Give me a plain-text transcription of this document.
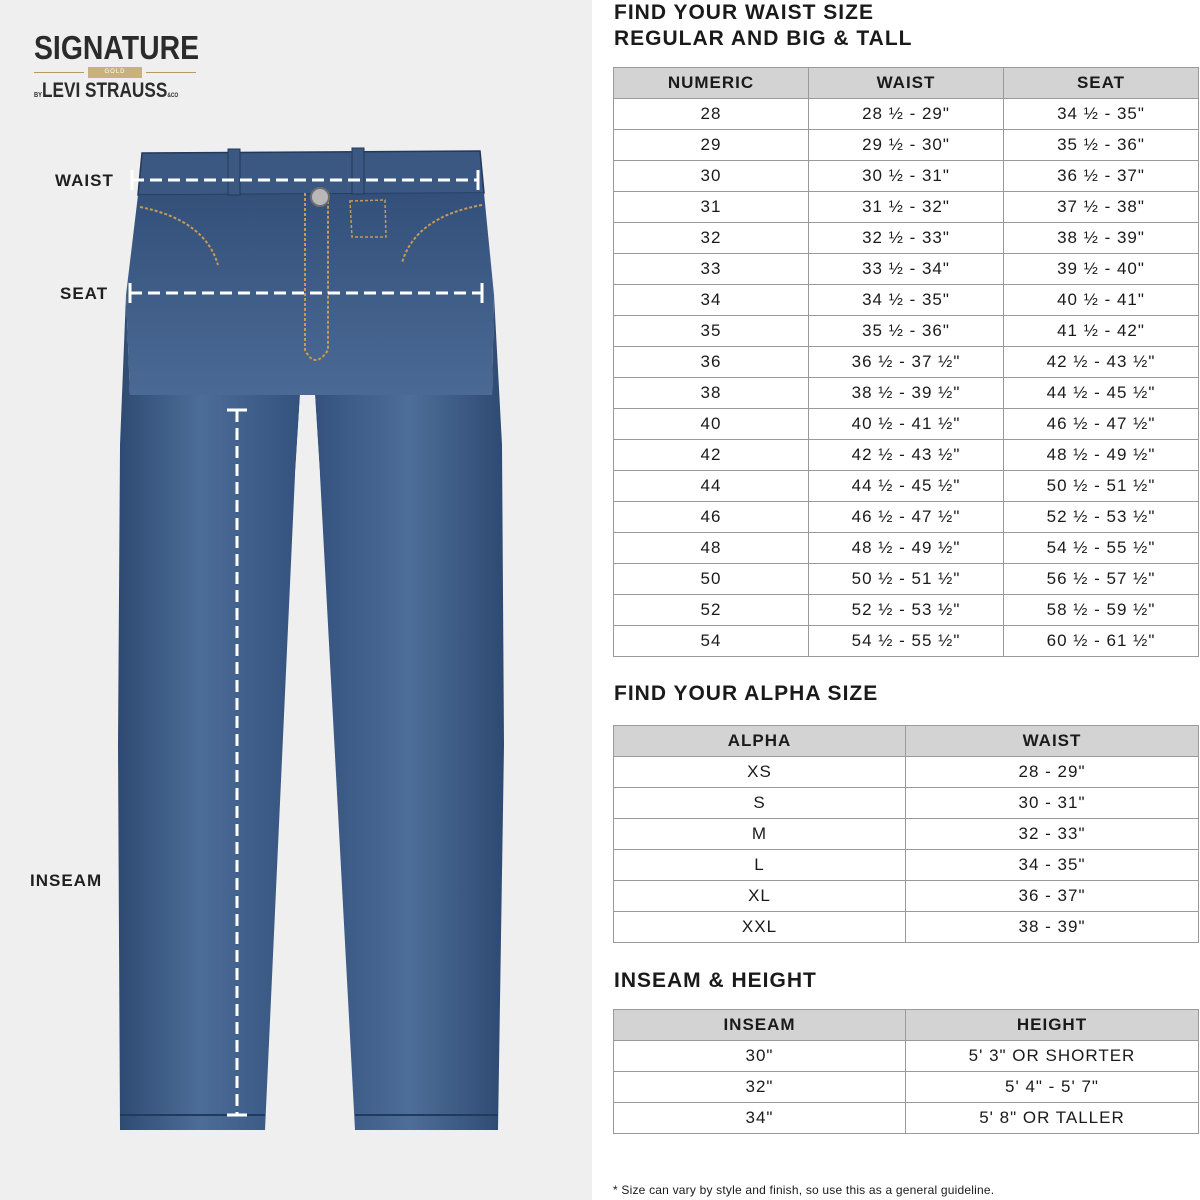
SIGNATURE
GOLD
BYLEVI STRAUSS&CO
WAIST
SEAT
INSEAM
FIND YOUR WAIST SIZE
REGULAR AND BIG & TALL
NUMERIC	WAIST	SEAT
28	28 ½ - 29"	34 ½ - 35"
29	29 ½ - 30"	35 ½ - 36"
30	30 ½ - 31"	36 ½ - 37"
31	31 ½ - 32"	37 ½ - 38"
32	32 ½ - 33"	38 ½ - 39"
33	33 ½ - 34"	39 ½ - 40"
34	34 ½ - 35"	40 ½ - 41"
35	35 ½ - 36"	41 ½ - 42"
36	36 ½ - 37 ½"	42 ½ - 43 ½"
38	38 ½ - 39 ½"	44 ½ - 45 ½"
40	40 ½ - 41 ½"	46 ½ - 47 ½"
42	42 ½ - 43 ½"	48 ½ - 49 ½"
44	44 ½ - 45 ½"	50 ½ - 51 ½"
46	46 ½ - 47 ½"	52 ½ - 53 ½"
48	48 ½ - 49 ½"	54 ½ - 55 ½"
50	50 ½ - 51 ½"	56 ½ - 57 ½"
52	52 ½ - 53 ½"	58 ½ - 59 ½"
54	54 ½ - 55 ½"	60 ½ - 61 ½"
FIND YOUR ALPHA SIZE
ALPHA	WAIST
XS	28 - 29"
S	30 - 31"
M	32 - 33"
L	34 - 35"
XL	36 - 37"
XXL	38 - 39"
INSEAM & HEIGHT
INSEAM	HEIGHT
30"	5' 3" OR SHORTER
32"	5' 4" - 5' 7"
34"	5' 8" OR TALLER
* Size can vary by style and finish, so use this as a general guideline.
